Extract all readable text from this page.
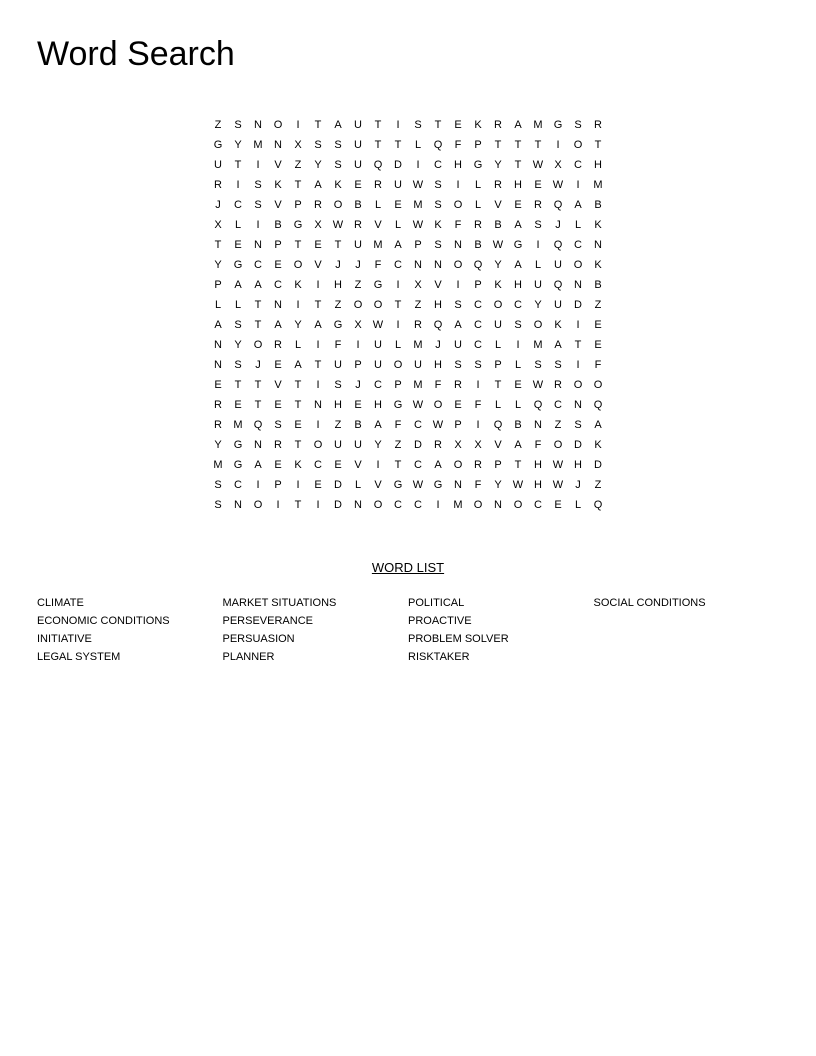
Word Search
Z	S	N	O	I	T	A	U	T	I	S	T	E	K	R	A	M	G	S	R
G	Y	M	N	X	S	S	U	T	T	L	Q	F	P	T	T	T	I	O	T
U	T	I	V	Z	Y	S	U	Q	D	I	C	H	G	Y	T	W	X	C	H
R	I	S	K	T	A	K	E	R	U W	S	I	L	R	H	E	W	I	M
J	C	S	V	P	R	O	B	L	E	M	S	O	L	V	E	R	Q	A	B
X	L	I	B	G	X	W R	V	L	W	K	F	R	B	A	S	J	L	K
T	E	N	P	T	E	T	U	M	A	P	S	N	B	W G	I	Q	C	N
Y	G	C	E	O	V	J	J	F	C	N	N	O	Q	Y	A	L	U	O	K
P	A	A	C	K	I	H	Z	G	I	X	V	I	P	K	H	U	Q	N	B
L	L	T	N	I	T	Z	O	O	T	Z	H	S	C	O	C	Y	U	D	Z
A	S	T	A	Y	A	G	X	W	I	R	Q	A	C	U	S	O	K	I	E
N	Y	O	R	L	I	F	I	U	L	M	J	U	C	L	I	M	A	T	E
N	S	J	E	A	T	U	P	U	O	U	H	S	S	P	L	S	S	I	F
E	T	T	V	T	I	S	J	C	P	M	F	R	I	T	E	W R	O	O
R	E	T	E	T	N	H	E	H	G W O	E	F	L	L	Q	C	N	Q
R	M	Q	S	E	I	Z	B	A	F	C W	P	I	Q	B	N	Z	S	A
Y	G	N	R	T	O	U	U	Y	Z	D	R	X	X	V	A	F	O	D	K
M	G	A	E	K	C	E	V	I	T	C	A	O	R	P	T	H W H	D
S	C	I	P	I	E	D	L	V	G W G	N	F	Y	W H W	J	Z
S	N	O	I	T	I	D	N	O	C	C	I	M	O	N	O	C	E	L	Q
WORD LIST
CLIMATE	MARKET SITUATIONS	POLITICAL	SOCIAL CONDITIONS
ECONOMIC CONDITIONS	PERSEVERANCE	PROACTIVE
INITIATIVE	PERSUASION	PROBLEM SOLVER
LEGAL SYSTEM	PLANNER	RISKTAKER
